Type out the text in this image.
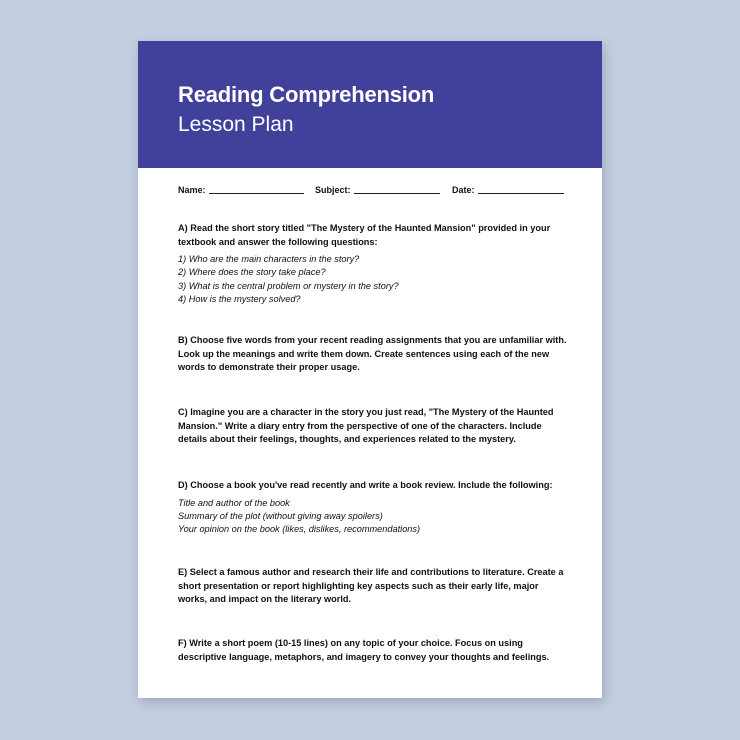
Reading Comprehension
Lesson Plan
Name:	Subject:	Date:

A) Read the short story titled "The Mystery of the Haunted Mansion" provided in your textbook and answer the following questions:

1) Who are the main characters in the story?
2) Where does the story take place?
3) What is the central problem or mystery in the story?
4) How is the mystery solved?

B) Choose five words from your recent reading assignments that you are unfamiliar with. Look up the meanings and write them down. Create sentences using each of the new words to demonstrate their proper usage.

C) Imagine you are a character in the story you just read, "The Mystery of the Haunted Mansion." Write a diary entry from the perspective of one of the characters. Include details about their feelings, thoughts, and experiences related to the mystery.

D) Choose a book you've read recently and write a book review. Include the following:

Title and author of the book
Summary of the plot (without giving away spoilers)
Your opinion on the book (likes, dislikes, recommendations)

E) Select a famous author and research their life and contributions to literature. Create a short presentation or report highlighting key aspects such as their early life, major works, and impact on the literary world.

F) Write a short poem (10-15 lines) on any topic of your choice. Focus on using descriptive language, metaphors, and imagery to convey your thoughts and feelings.
